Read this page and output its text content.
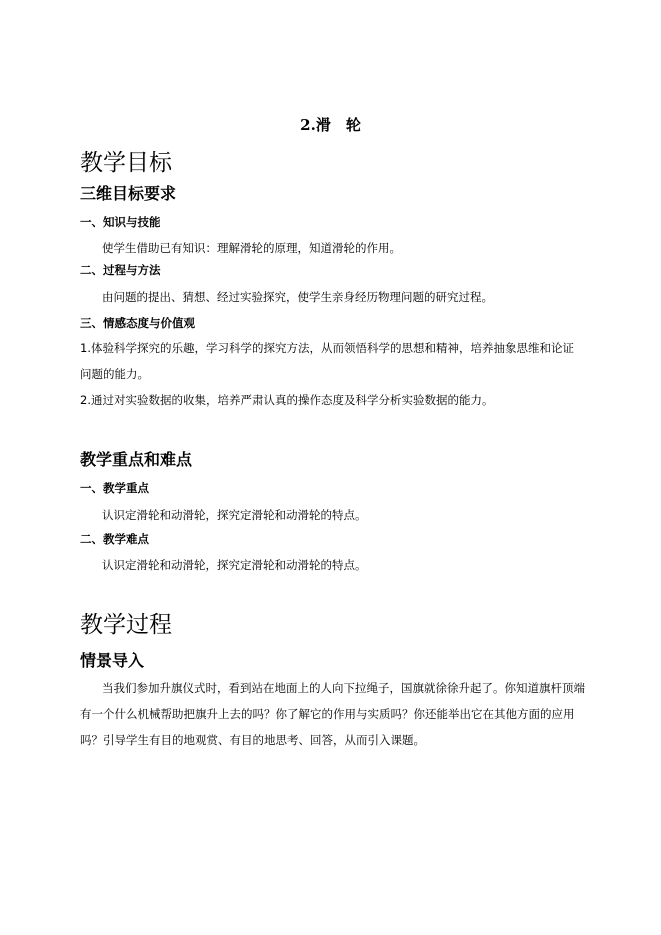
2.滑　轮
教学目标
三维目标要求
一、知识与技能
使学生借助已有知识：理解滑轮的原理，知道滑轮的作用。
二、过程与方法
由问题的提出、猜想、经过实验探究，使学生亲身经历物理问题的研究过程。
三、情感态度与价值观
1.体验科学探究的乐趣，学习科学的探究方法，从而领悟科学的思想和精神，培养抽象思维和论证问题的能力。
2.通过对实验数据的收集，培养严肃认真的操作态度及科学分析实验数据的能力。
教学重点和难点
一、教学重点
认识定滑轮和动滑轮，探究定滑轮和动滑轮的特点。
二、教学难点
认识定滑轮和动滑轮，探究定滑轮和动滑轮的特点。
教学过程
情景导入
当我们参加升旗仪式时，看到站在地面上的人向下拉绳子，国旗就徐徐升起了。你知道旗杆顶端有一个什么机械帮助把旗升上去的吗？你了解它的作用与实质吗？你还能举出它在其他方面的应用吗？引导学生有目的地观赏、有目的地思考、回答，从而引入课题。
